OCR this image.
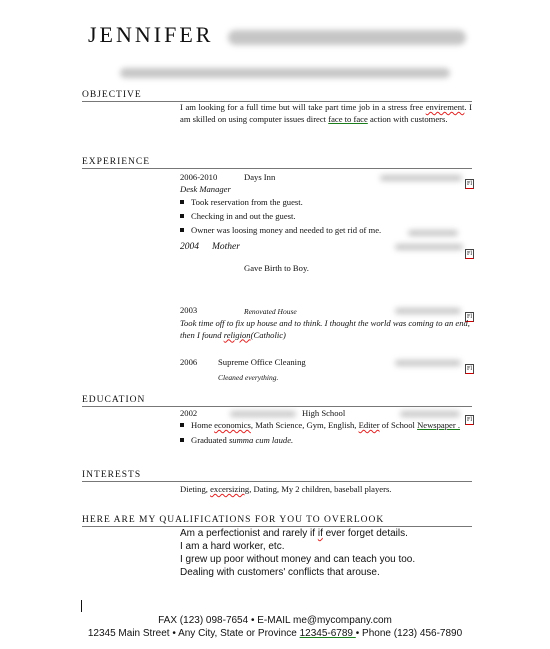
JENNIFER
OBJECTIVE
I am looking for a full time but will take part time job in a stress free envirement. I am skilled on using computer issues direct face to face action with customers.
EXPERIENCE
2006-2010	Days Inn
Fl
Desk Manager
Took reservation from the guest.
Checking in and out the guest.
Owner was loosing money and needed to get rid of me.
2004 Mother
Fl
Gave Birth to Boy.
2003	Renovated House
Fl
Took time off to fix up house and to think. I thought the world was coming to an end, then I found religion(Catholic)
2006 Supreme Office Cleaning
Fl
Cleaned everything.
EDUCATION
2002	High School
Fl
Home economics, Math Science, Gym, English, Editer of School Newspaper .
Graduated summa cum laude.
INTERESTS
Dieting, excersizing, Dating, My 2 children, baseball players.
HERE ARE MY QUALIFICATIONS FOR YOU TO OVERLOOK
Am a perfectionist and rarely if if ever forget details.
I am a hard worker, etc.
I grew up poor without money and can teach you too.
Dealing with customers' conflicts that arouse.
FAX (123) 098-7654 • E-MAIL me@mycompany.com
12345 Main Street • Any City, State or Province 12345-6789 • Phone (123) 456-7890
